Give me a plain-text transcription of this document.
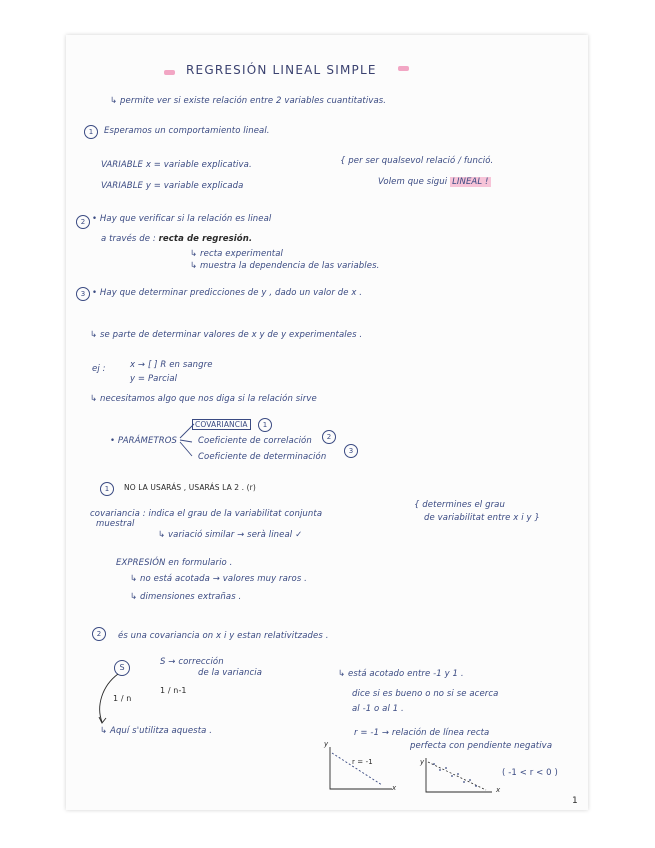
REGRESIÓN LINEAL SIMPLE
↳ permite ver si existe relación entre 2 variables cuantitativas.
1	Esperamos un comportamiento lineal.
VARIABLE x = variable explicativa.
VARIABLE y = variable explicada
{ per ser qualsevol relació / funció.
Volem que sigui LINEAL !
2 • Hay que verificar si la relación es lineal
a través de : recta de regresión.
↳ recta experimental
↳ muestra la dependencia de las variables.
3 • Hay que determinar predicciones de y , dado un valor de x .
↳ se parte de determinar valores de x y de y experimentales .
ej :	x → [ ] R en sangre
y = Parcial
↳ necesitamos algo que nos diga si la relación sirve
• PARÁMETROS
COVARIANCIA	1
Coeficiente de correlación	2
Coeficiente de determinación
3
1	NO LA USARÁS , USARÁS LA 2 . (r)
covariancia : indica el grau de la variabilitat conjunta
muestral
↳ variació similar → serà lineal ✓
{ determines el grau
de variabilitat entre x i y }
EXPRESIÓN en formulario .
↳ no está acotada → valores muy raros .
↳ dimensiones extrañas .
2	és una covariancia on x i y estan relativitzades .
S
S → corrección
de la variancia
1 / n
1 / n-1
↳ Aquí s'utilitza aquesta .
↳ está acotado entre -1 y 1 .
dice si es bueno o no si se acerca
al -1 o al 1 .
r = -1 → relación de línea recta
perfecta con pendiente negativa
y
x
r = -1	y
x
( -1 < r < 0 )
1
